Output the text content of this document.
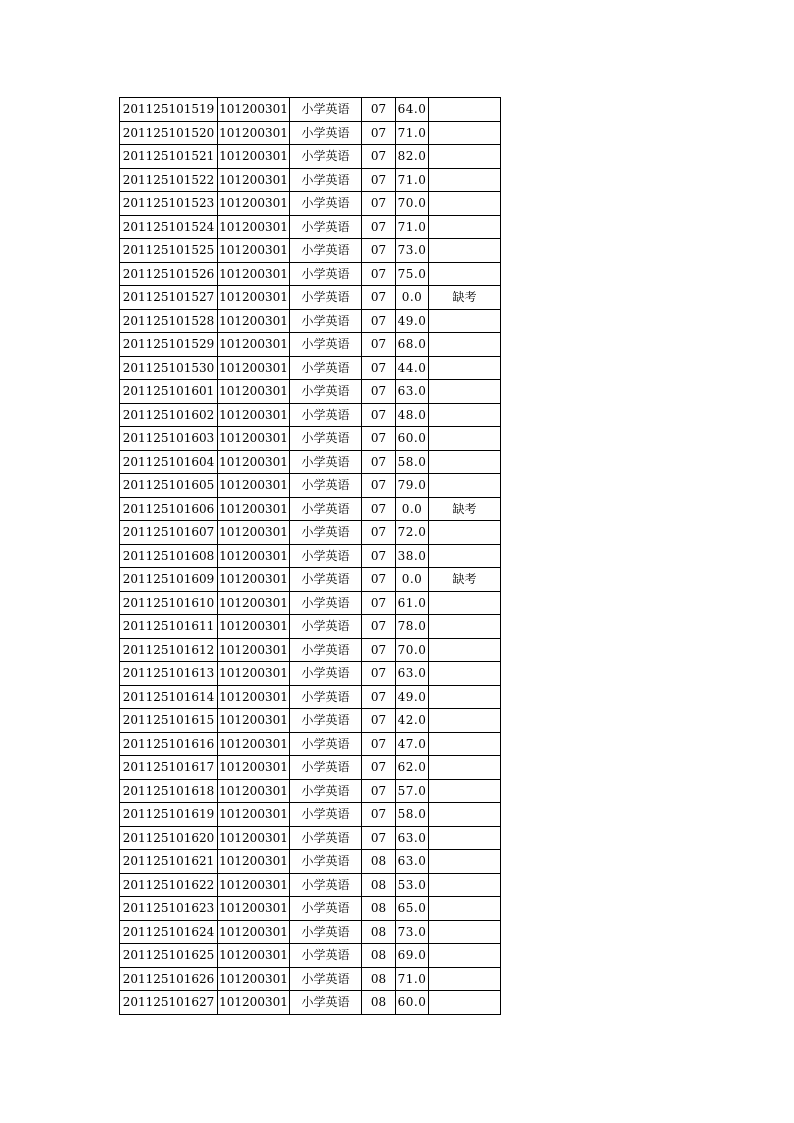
201125101519	101200301	小学英语	07	64.0	
201125101520	101200301	小学英语	07	71.0	
201125101521	101200301	小学英语	07	82.0	
201125101522	101200301	小学英语	07	71.0	
201125101523	101200301	小学英语	07	70.0	
201125101524	101200301	小学英语	07	71.0	
201125101525	101200301	小学英语	07	73.0	
201125101526	101200301	小学英语	07	75.0	
201125101527	101200301	小学英语	07	0.0	缺考
201125101528	101200301	小学英语	07	49.0	
201125101529	101200301	小学英语	07	68.0	
201125101530	101200301	小学英语	07	44.0	
201125101601	101200301	小学英语	07	63.0	
201125101602	101200301	小学英语	07	48.0	
201125101603	101200301	小学英语	07	60.0	
201125101604	101200301	小学英语	07	58.0	
201125101605	101200301	小学英语	07	79.0	
201125101606	101200301	小学英语	07	0.0	缺考
201125101607	101200301	小学英语	07	72.0	
201125101608	101200301	小学英语	07	38.0	
201125101609	101200301	小学英语	07	0.0	缺考
201125101610	101200301	小学英语	07	61.0	
201125101611	101200301	小学英语	07	78.0	
201125101612	101200301	小学英语	07	70.0	
201125101613	101200301	小学英语	07	63.0	
201125101614	101200301	小学英语	07	49.0	
201125101615	101200301	小学英语	07	42.0	
201125101616	101200301	小学英语	07	47.0	
201125101617	101200301	小学英语	07	62.0	
201125101618	101200301	小学英语	07	57.0	
201125101619	101200301	小学英语	07	58.0	
201125101620	101200301	小学英语	07	63.0	
201125101621	101200301	小学英语	08	63.0	
201125101622	101200301	小学英语	08	53.0	
201125101623	101200301	小学英语	08	65.0	
201125101624	101200301	小学英语	08	73.0	
201125101625	101200301	小学英语	08	69.0	
201125101626	101200301	小学英语	08	71.0	
201125101627	101200301	小学英语	08	60.0	
